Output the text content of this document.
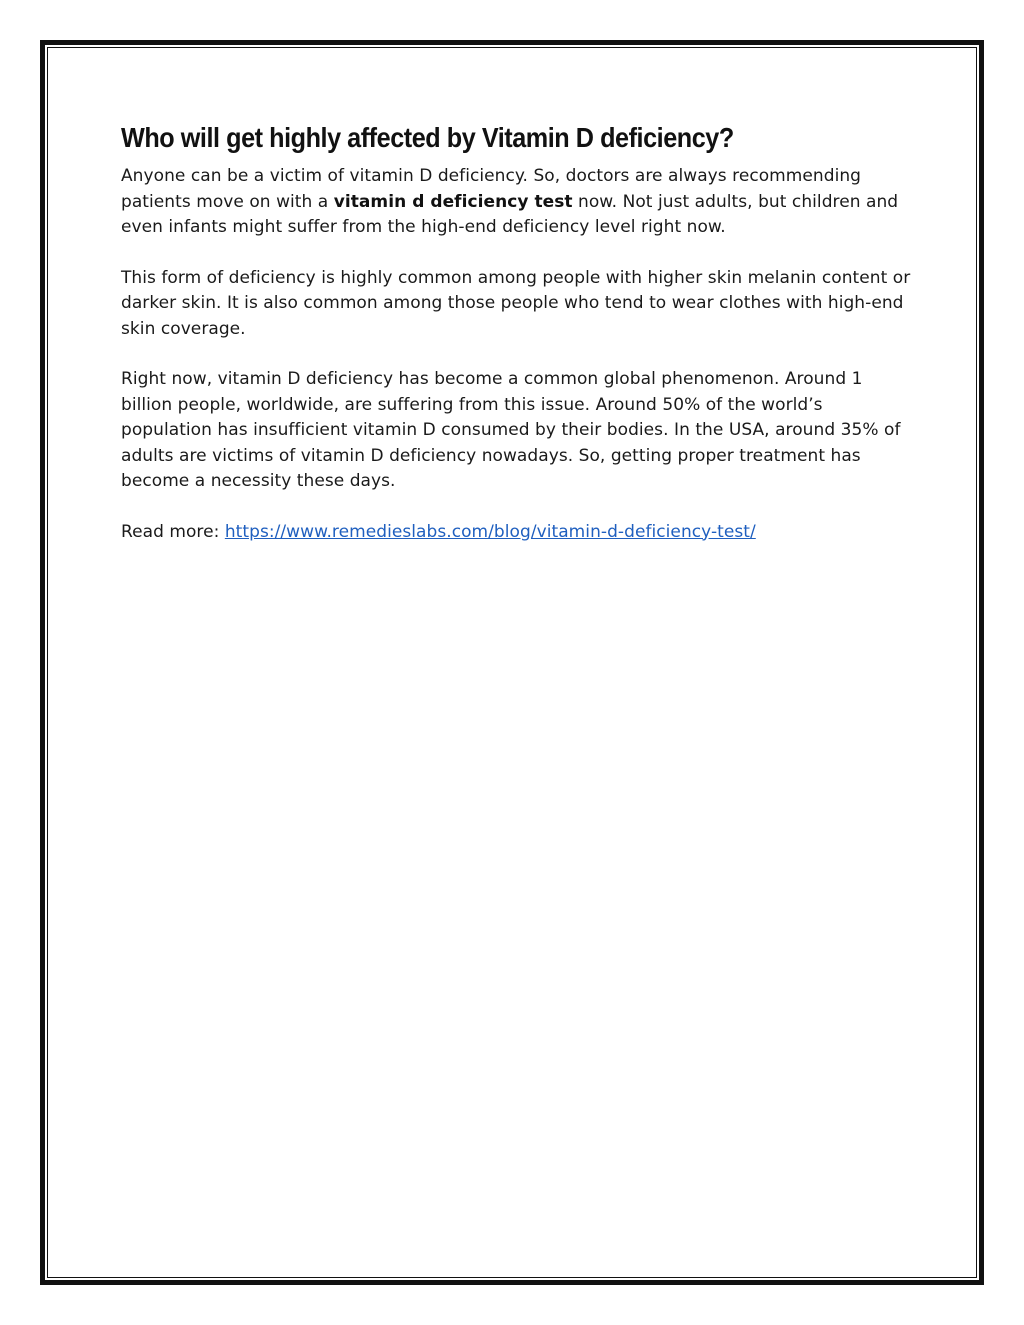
Who will get highly affected by Vitamin D deficiency?

Anyone can be a victim of vitamin D deficiency. So, doctors are always recommending patients move on with a vitamin d deficiency test now. Not just adults, but children and even infants might suffer from the high-end deficiency level right now.

This form of deficiency is highly common among people with higher skin melanin content or darker skin. It is also common among those people who tend to wear clothes with high-end skin coverage.

Right now, vitamin D deficiency has become a common global phenomenon. Around 1 billion people, worldwide, are suffering from this issue. Around 50% of the world’s population has insufficient vitamin D consumed by their bodies. In the USA, around 35% of adults are victims of vitamin D deficiency nowadays. So, getting proper treatment has become a necessity these days.

Read more: https://www.remedieslabs.com/blog/vitamin-d-deficiency-test/
